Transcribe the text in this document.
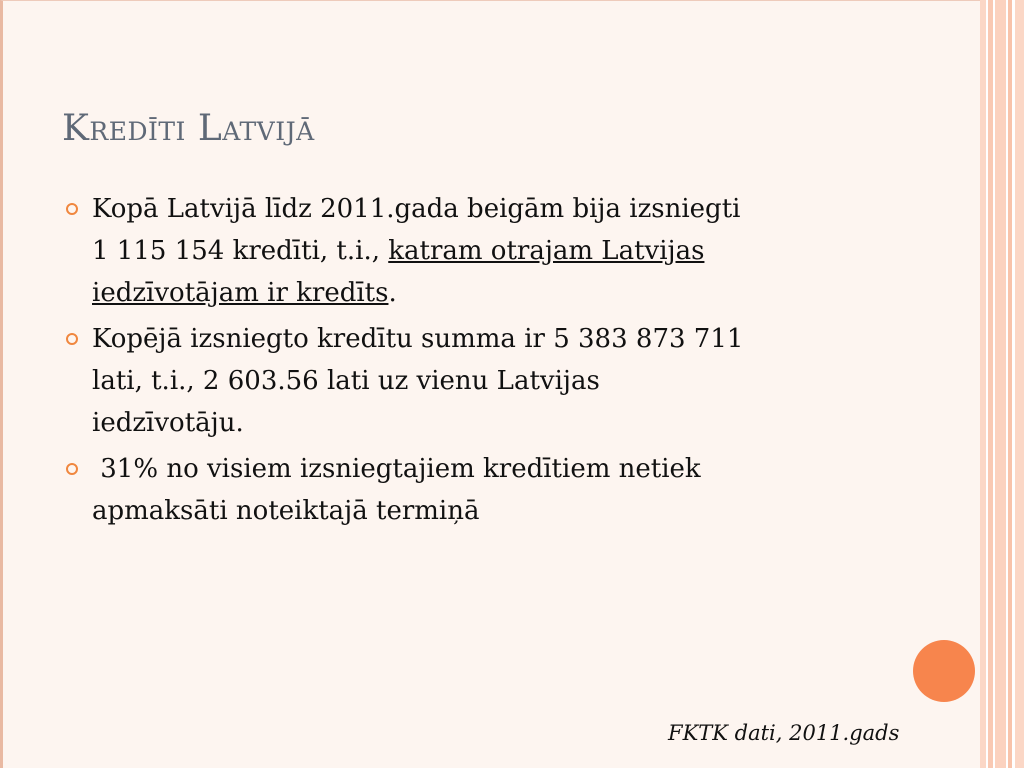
Kredīti Latvijā
Kopā Latvijā līdz 2011.gada beigām bija izsniegti
1 115 154 kredīti, t.i., katram otrajam Latvijas
iedzīvotājam ir kredīts.
Kopējā izsniegto kredītu summa ir 5 383 873 711
lati, t.i., 2 603.56 lati uz vienu Latvijas
iedzīvotāju.
31% no visiem izsniegtajiem kredītiem netiek
apmaksāti noteiktajā termiņā
FKTK dati, 2011.gads
